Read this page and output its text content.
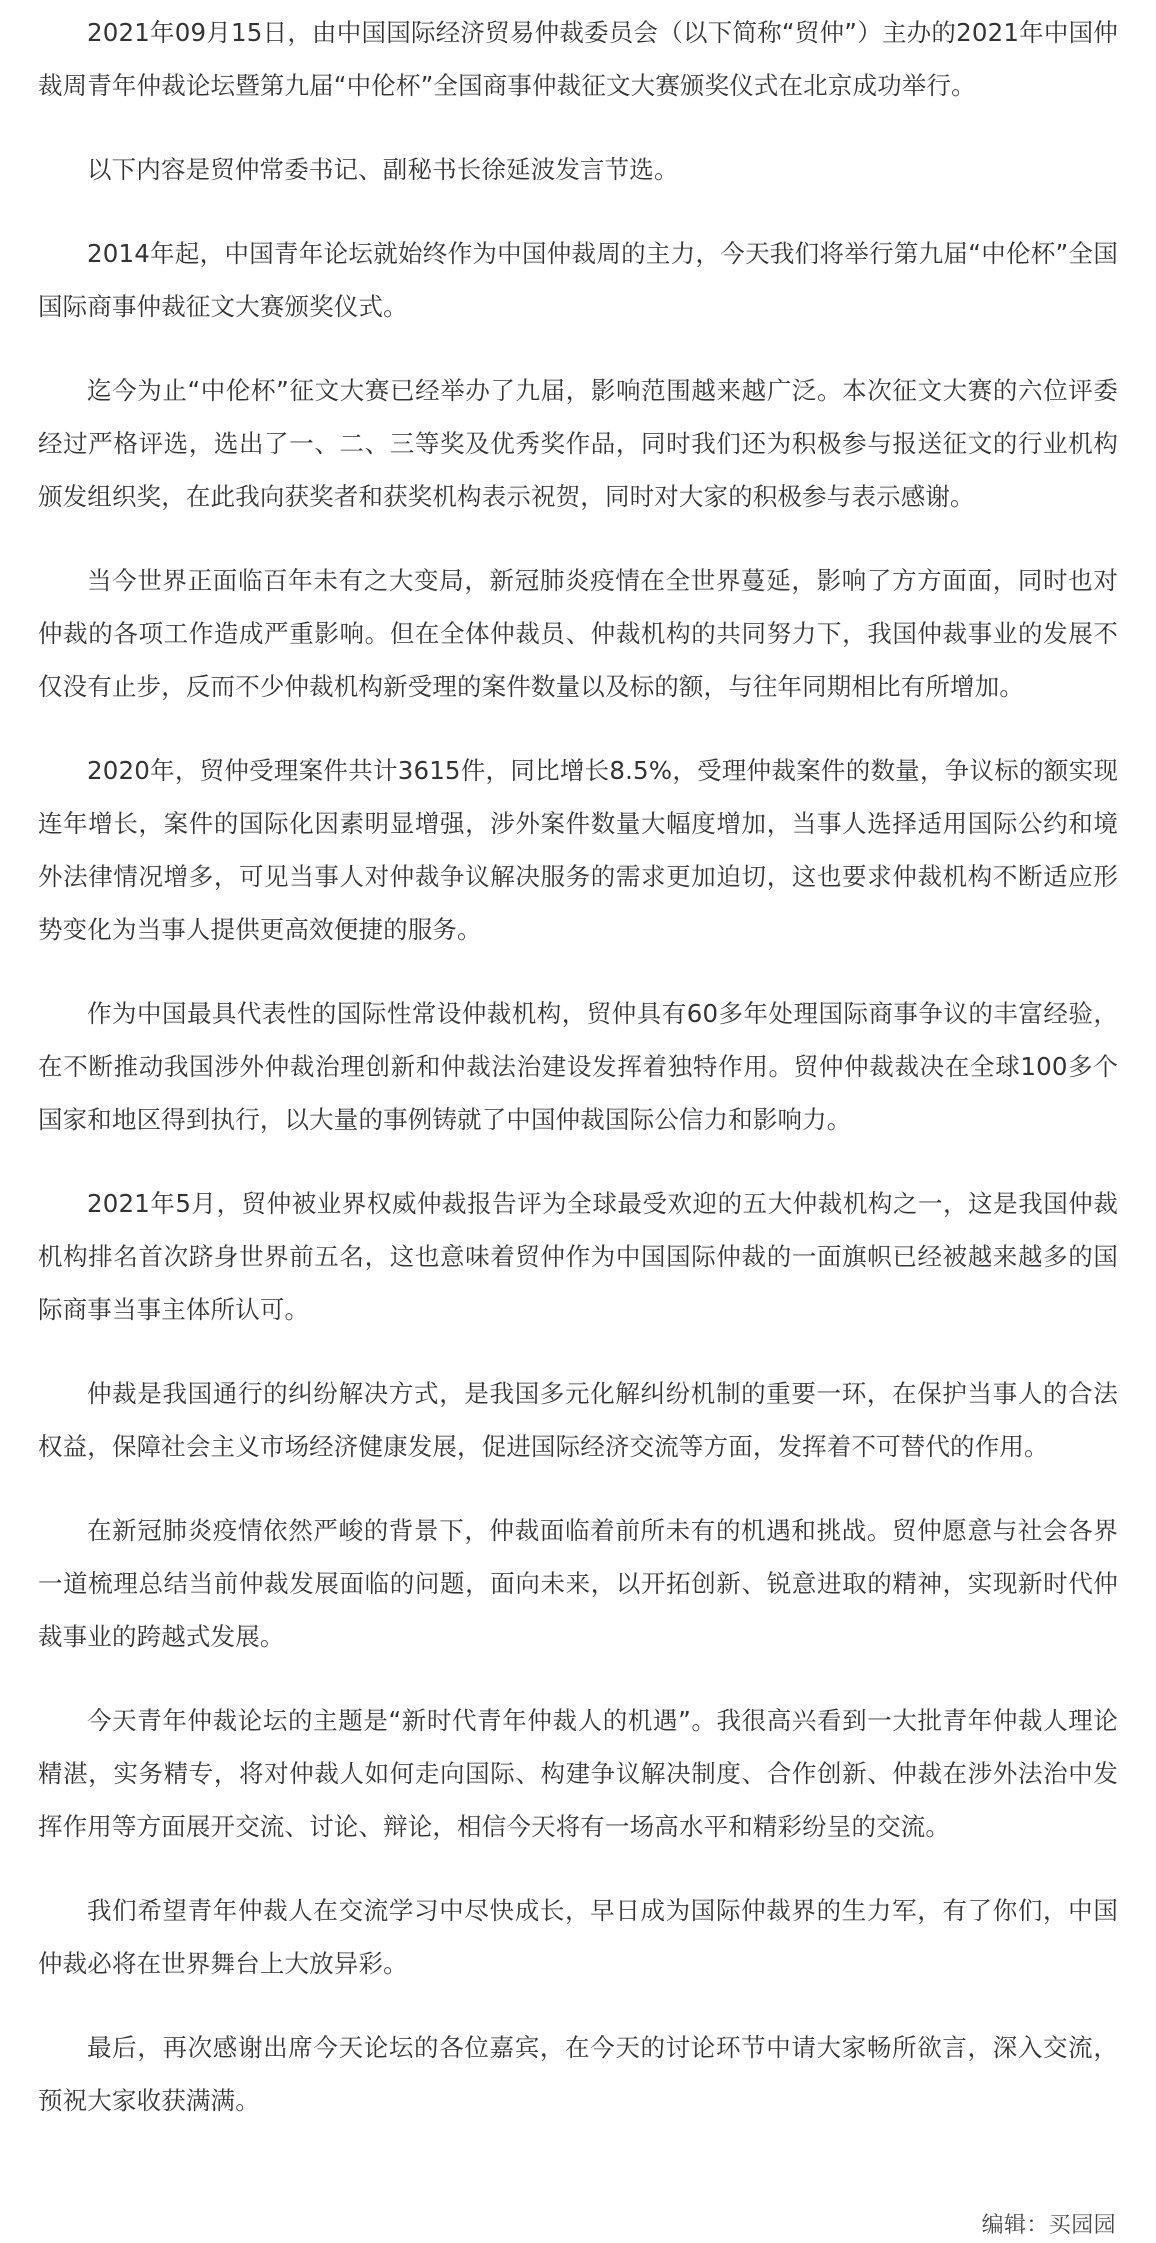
2021年09月15日，由中国国际经济贸易仲裁委员会（以下简称“贸仲”）主办的2021年中国仲裁周青年仲裁论坛暨第九届“中伦杯”全国商事仲裁征文大赛颁奖仪式在北京成功举行。

以下内容是贸仲常委书记、副秘书长徐延波发言节选。

2014年起，中国青年论坛就始终作为中国仲裁周的主力，今天我们将举行第九届“中伦杯”全国国际商事仲裁征文大赛颁奖仪式。

迄今为止“中伦杯”征文大赛已经举办了九届，影响范围越来越广泛。本次征文大赛的六位评委经过严格评选，选出了一、二、三等奖及优秀奖作品，同时我们还为积极参与报送征文的行业机构颁发组织奖，在此我向获奖者和获奖机构表示祝贺，同时对大家的积极参与表示感谢。

当今世界正面临百年未有之大变局，新冠肺炎疫情在全世界蔓延，影响了方方面面，同时也对仲裁的各项工作造成严重影响。但在全体仲裁员、仲裁机构的共同努力下，我国仲裁事业的发展不仅没有止步，反而不少仲裁机构新受理的案件数量以及标的额，与往年同期相比有所增加。

2020年，贸仲受理案件共计3615件，同比增长8.5%，受理仲裁案件的数量，争议标的额实现连年增长，案件的国际化因素明显增强，涉外案件数量大幅度增加，当事人选择适用国际公约和境外法律情况增多，可见当事人对仲裁争议解决服务的需求更加迫切，这也要求仲裁机构不断适应形势变化为当事人提供更高效便捷的服务。

作为中国最具代表性的国际性常设仲裁机构，贸仲具有60多年处理国际商事争议的丰富经验，在不断推动我国涉外仲裁治理创新和仲裁法治建设发挥着独特作用。贸仲仲裁裁决在全球100多个国家和地区得到执行，以大量的事例铸就了中国仲裁国际公信力和影响力。

2021年5月，贸仲被业界权威仲裁报告评为全球最受欢迎的五大仲裁机构之一，这是我国仲裁机构排名首次跻身世界前五名，这也意味着贸仲作为中国国际仲裁的一面旗帜已经被越来越多的国际商事当事主体所认可。

仲裁是我国通行的纠纷解决方式，是我国多元化解纠纷机制的重要一环，在保护当事人的合法权益，保障社会主义市场经济健康发展，促进国际经济交流等方面，发挥着不可替代的作用。

在新冠肺炎疫情依然严峻的背景下，仲裁面临着前所未有的机遇和挑战。贸仲愿意与社会各界一道梳理总结当前仲裁发展面临的问题，面向未来，以开拓创新、锐意进取的精神，实现新时代仲裁事业的跨越式发展。

今天青年仲裁论坛的主题是“新时代青年仲裁人的机遇”。我很高兴看到一大批青年仲裁人理论精湛，实务精专，将对仲裁人如何走向国际、构建争议解决制度、合作创新、仲裁在涉外法治中发挥作用等方面展开交流、讨论、辩论，相信今天将有一场高水平和精彩纷呈的交流。

我们希望青年仲裁人在交流学习中尽快成长，早日成为国际仲裁界的生力军，有了你们，中国仲裁必将在世界舞台上大放异彩。

最后，再次感谢出席今天论坛的各位嘉宾，在今天的讨论环节中请大家畅所欲言，深入交流，预祝大家收获满满。

编辑：买园园
